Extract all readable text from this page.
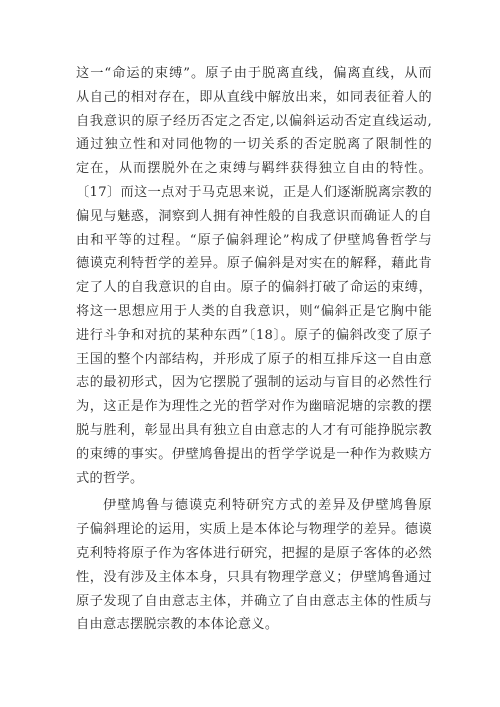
这一“命运的束缚”。原子由于脱离直线，偏离直线，从而
从自己的相对存在，即从直线中解放出来，如同表征着人的
自我意识的原子经历否定之否定,以偏斜运动否定直线运动,
通过独立性和对同他物的一切关系的否定脱离了限制性的
定在，从而摆脱外在之束缚与羁绊获得独立自由的特性。
〔17〕而这一点对于马克思来说，正是人们逐渐脱离宗教的
偏见与魅惑，洞察到人拥有神性般的自我意识而确证人的自
由和平等的过程。“原子偏斜理论”构成了伊壁鸠鲁哲学与
德谟克利特哲学的差异。原子偏斜是对实在的解释，藉此肯
定了人的自我意识的自由。原子的偏斜打破了命运的束缚，
将这一思想应用于人类的自我意识，则“偏斜正是它胸中能
进行斗争和对抗的某种东西”〔18〕。原子的偏斜改变了原子
王国的整个内部结构，并形成了原子的相互排斥这一自由意
志的最初形式，因为它摆脱了强制的运动与盲目的必然性行
为，这正是作为理性之光的哲学对作为幽暗泥塘的宗教的摆
脱与胜利，彰显出具有独立自由意志的人才有可能挣脱宗教
的束缚的事实。伊壁鸠鲁提出的哲学学说是一种作为救赎方
式的哲学。
伊壁鸠鲁与德谟克利特研究方式的差异及伊壁鸠鲁原
子偏斜理论的运用，实质上是本体论与物理学的差异。德谟
克利特将原子作为客体进行研究，把握的是原子客体的必然
性，没有涉及主体本身，只具有物理学意义；伊壁鸠鲁通过
原子发现了自由意志主体，并确立了自由意志主体的性质与
自由意志摆脱宗教的本体论意义。
